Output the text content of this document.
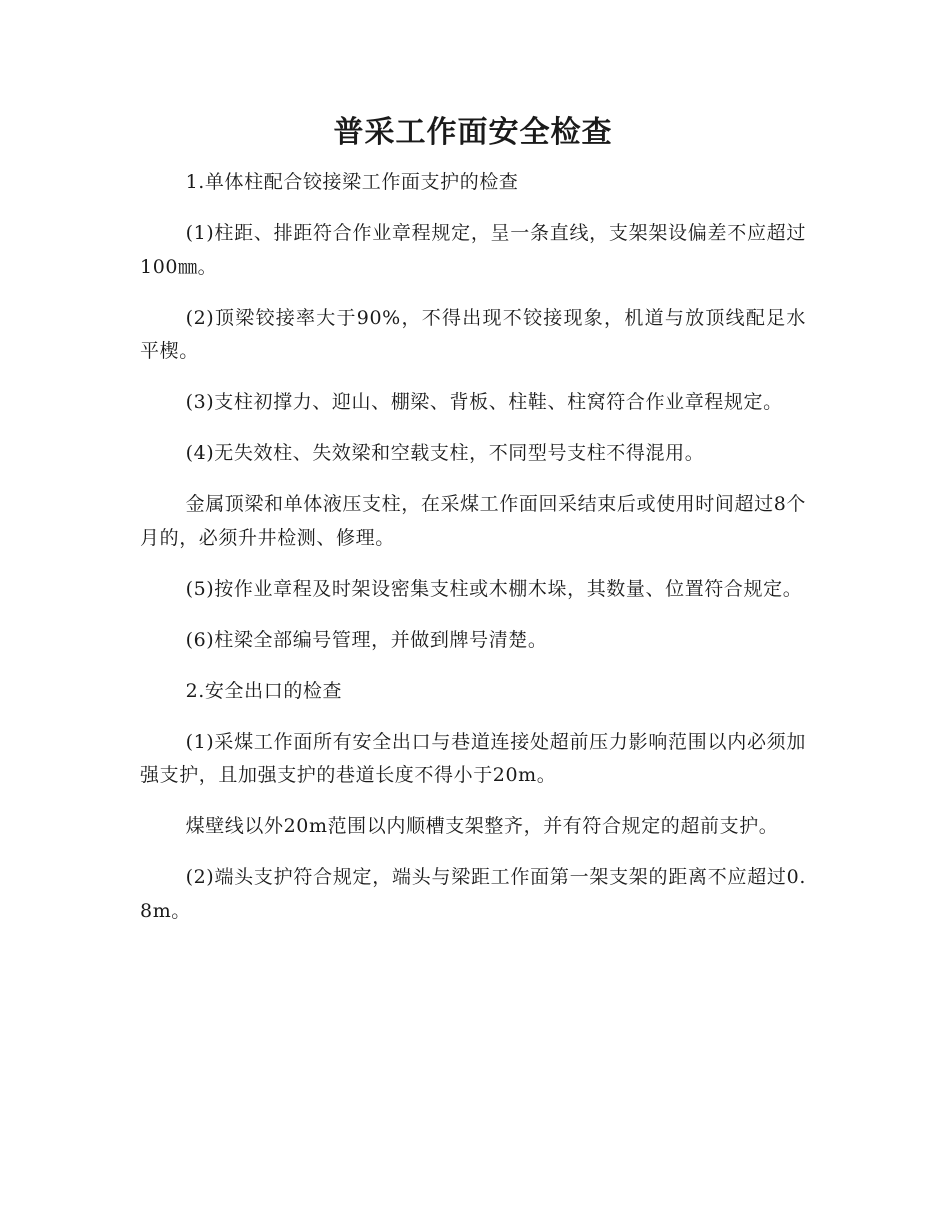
普采工作面安全检查

1.单体柱配合铰接梁工作面支护的检查

(1)柱距、排距符合作业章程规定，呈一条直线，支架架设偏差不应超过100㎜。

(2)顶梁铰接率大于90%，不得出现不铰接现象，机道与放顶线配足水平楔。

(3)支柱初撑力、迎山、棚梁、背板、柱鞋、柱窝符合作业章程规定。

(4)无失效柱、失效梁和空载支柱，不同型号支柱不得混用。

金属顶梁和单体液压支柱，在采煤工作面回采结束后或使用时间超过8个月的，必须升井检测、修理。

(5)按作业章程及时架设密集支柱或木棚木垛，其数量、位置符合规定。

(6)柱梁全部编号管理，并做到牌号清楚。

2.安全出口的检查

(1)采煤工作面所有安全出口与巷道连接处超前压力影响范围以内必须加强支护，且加强支护的巷道长度不得小于20m。

煤壁线以外20m范围以内顺槽支架整齐，并有符合规定的超前支护。

(2)端头支护符合规定，端头与梁距工作面第一架支架的距离不应超过0.8m。
